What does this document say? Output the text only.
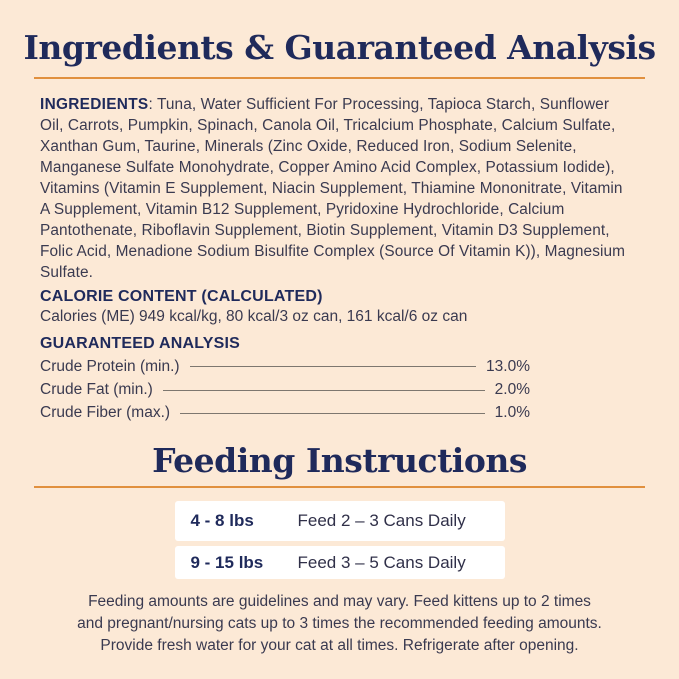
Ingredients & Guaranteed Analysis

INGREDIENTS: Tuna, Water Sufficient For Processing, Tapioca Starch, Sunflower Oil, Carrots, Pumpkin, Spinach, Canola Oil, Tricalcium Phosphate, Calcium Sulfate, Xanthan Gum, Taurine, Minerals (Zinc Oxide, Reduced Iron, Sodium Selenite, Manganese Sulfate Monohydrate, Copper Amino Acid Complex, Potassium Iodide), Vitamins (Vitamin E Supplement, Niacin Supplement, Thiamine Mononitrate, Vitamin A Supplement, Vitamin B12 Supplement, Pyridoxine Hydrochloride, Calcium Pantothenate, Riboflavin Supplement, Biotin Supplement, Vitamin D3 Supplement, Folic Acid, Menadione Sodium Bisulfite Complex (Source Of Vitamin K)), Magnesium Sulfate.

CALORIE CONTENT (CALCULATED)

Calories (ME) 949 kcal/kg, 80 kcal/3 oz can, 161 kcal/6 oz can

GUARANTEED ANALYSIS
Crude Protein (min.)	13.0%
Crude Fat (min.)	2.0%
Crude Fiber (max.)	1.0%
Feeding Instructions
4 - 8 lbs	Feed 2 – 3 Cans Daily
9 - 15 lbs	Feed 3 – 5 Cans Daily
Feeding amounts are guidelines and may vary. Feed kittens up to 2 times
and pregnant/nursing cats up to 3 times the recommended feeding amounts.
Provide fresh water for your cat at all times. Refrigerate after opening.
